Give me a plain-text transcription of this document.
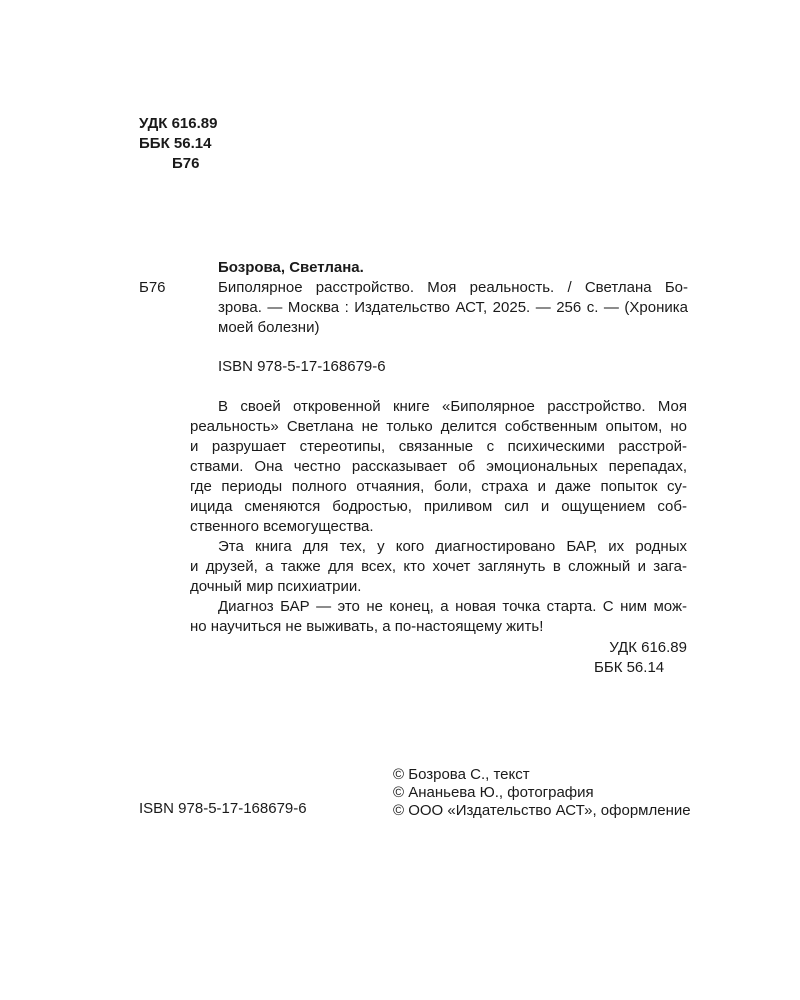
УДК 616.89
ББК 56.14
Б76
Бозрова, Светлана.
Б76	Биполярное расстройство. Моя реальность. / Светлана Бо-
зрова. — Москва : Издательство АСТ, 2025. — 256 с. — (Хроника
моей болезни)
ISBN 978-5-17-168679-6
В своей откровенной книге «Биполярное расстройство. Моя
реальность» Светлана не только делится собственным опытом, но
и разрушает стереотипы, связанные с психическими расстрой-
ствами. Она честно рассказывает об эмоциональных перепадах,
где периоды полного отчаяния, боли, страха и даже попыток су-
ицида сменяются бодростью, приливом сил и ощущением соб-
ственного всемогущества.
Эта книга для тех, у кого диагностировано БАР, их родных
и друзей, а также для всех, кто хочет заглянуть в сложный и зага-
дочный мир психиатрии.
Диагноз БАР — это не конец, а новая точка старта. С ним мож-
но научиться не выживать, а по-настоящему жить!
УДК 616.89
ББК 56.14
© Бозрова С., текст
© Ананьева Ю., фотография
© ООО «Издательство АСТ», оформление
ISBN 978-5-17-168679-6
